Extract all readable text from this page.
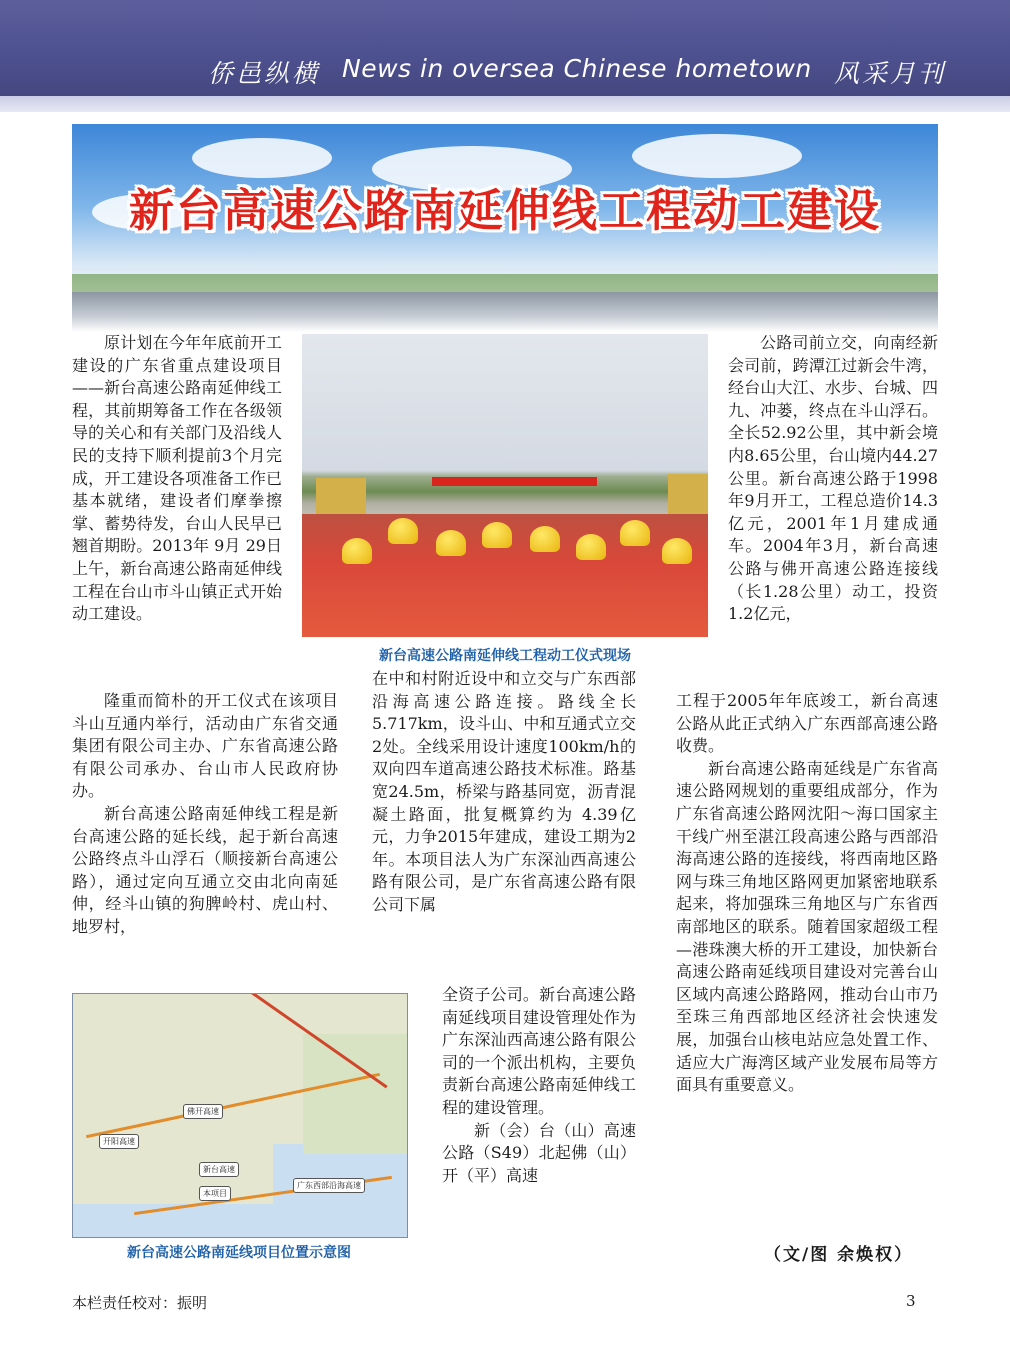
侨邑纵横 News in oversea Chinese hometown 风采月刊
新台高速公路南延伸线工程动工建设
新台高速公路南延伸线工程动工仪式现场

原计划在今年年底前开工建设的广东省重点建设项目——新台高速公路南延伸线工程，其前期筹备工作在各级领导的关心和有关部门及沿线人民的支持下顺利提前3个月完成，开工建设各项准备工作已基本就绪，建设者们摩拳擦掌、蓄势待发，台山人民早已翘首期盼。2013年 9月 29日 上午，新台高速公路南延伸线工程在台山市斗山镇正式开始动工建设。

隆重而简朴的开工仪式在该项目斗山互通内举行，活动由广东省交通集团有限公司主办、广东省高速公路有限公司承办、台山市人民政府协办。

新台高速公路南延伸线工程是新台高速公路的延长线，起于新台高速公路终点斗山浮石（顺接新台高速公路），通过定向互通立交由北向南延伸，经斗山镇的狗脾岭村、虎山村、地罗村，

在中和村附近设中和立交与广东西部沿海高速公路连接。路线全长5.717km，设斗山、中和互通式立交2处。全线采用设计速度100km/h的双向四车道高速公路技术标准。路基宽24.5m，桥梁与路基同宽，沥青混凝土路面，批复概算约为 4.39亿元，力争2015年建成，建设工期为2年。本项目法人为广东深汕西高速公路有限公司，是广东省高速公路有限公司下属

全资子公司。新台高速公路南延线项目建设管理处作为广东深汕西高速公路有限公司的一个派出机构，主要负责新台高速公路南延伸线工程的建设管理。

新（会）台（山）高速公路（S49）北起佛（山）开（平）高速

公路司前立交，向南经新会司前，跨潭江过新会牛湾，经台山大江、水步、台城、四九、冲蒌，终点在斗山浮石。全长52.92公里，其中新会境内8.65公里，台山境内44.27公里。新台高速公路于1998年9月开工，工程总造价14.3亿元，2001年1月建成通车。2004年3月，新台高速公路与佛开高速公路连接线（长1.28公里）动工，投资1.2亿元，

工程于2005年年底竣工，新台高速公路从此正式纳入广东西部高速公路收费。

新台高速公路南延线是广东省高速公路网规划的重要组成部分，作为广东省高速公路网沈阳～海口国家主干线广州至湛江段高速公路与西部沿海高速公路的连接线，将西南地区路网与珠三角地区路网更加紧密地联系起来，将加强珠三角地区与广东省西南部地区的联系。随着国家超级工程—港珠澳大桥的开工建设，加快新台高速公路南延线项目建设对完善台山区域内高速公路路网，推动台山市乃至珠三角西部地区经济社会快速发展，加强台山核电站应急处置工作、适应大广海湾区域产业发展布局等方面具有重要意义。

佛开高速
开阳高速
新台高速
本项目
广东西部沿海高速
新台高速公路南延线项目位置示意图	（文/图 余焕权）
本栏责任校对：振明	3
